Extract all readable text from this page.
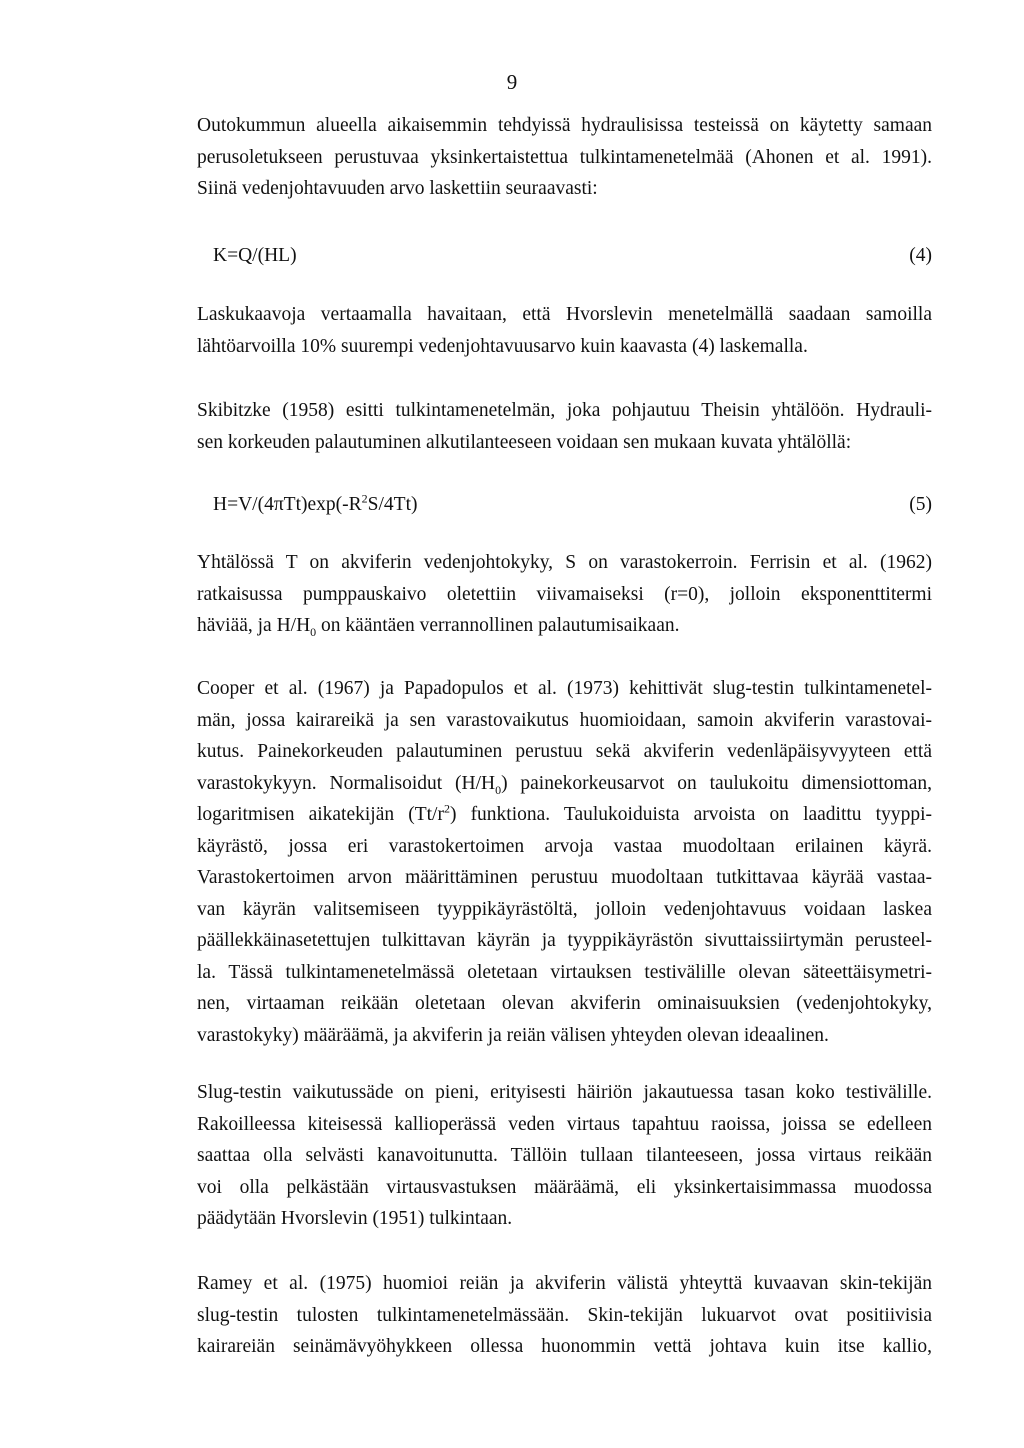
9
Outokummun alueella aikaisemmin tehdyissä hydraulisissa testeissä on käytetty samaan
perusoletukseen perustuvaa yksinkertaistettua tulkintamenetelmää (Ahonen et al. 1991).
Siinä vedenjohtavuuden arvo laskettiin seuraavasti:
K=Q/(HL)	(4)
Laskukaavoja vertaamalla havaitaan, että Hvorslevin menetelmällä saadaan samoilla
lähtöarvoilla 10% suurempi vedenjohtavuusarvo kuin kaavasta (4) laskemalla.
Skibitzke (1958) esitti tulkintamenetelmän, joka pohjautuu Theisin yhtälöön. Hydrauli-
sen korkeuden palautuminen alkutilanteeseen voidaan sen mukaan kuvata yhtälöllä:
$H=V/(4\pi Tt)\exp(-R^2S/4Tt)$	(5)
Yhtälössä T on akviferin vedenjohtokyky, S on varastokerroin. Ferrisin et al. (1962)
ratkaisussa pumppauskaivo oletettiin viivamaiseksi (r=0), jolloin eksponenttitermi
häviää, ja $H/H_0$ on kääntäen verrannollinen palautumisaikaan.
Cooper et al. (1967) ja Papadopulos et al. (1973) kehittivät slug-testin tulkintamenetel-
män, jossa kairareikä ja sen varastovaikutus huomioidaan, samoin akviferin varastovai-
kutus. Painekorkeuden palautuminen perustuu sekä akviferin vedenläpäisyvyyteen että
varastokykyyn. Normalisoidut $(H/H_0)$ painekorkeusarvot on taulukoitu dimensiottoman,
logaritmisen aikatekijän $(Tt/r^2)$ funktiona. Taulukoiduista arvoista on laadittu tyyppi-
käyrästö, jossa eri varastokertoimen arvoja vastaa muodoltaan erilainen käyrä.
Varastokertoimen arvon määrittäminen perustuu muodoltaan tutkittavaa käyrää vastaa-
van käyrän valitsemiseen tyyppikäyrästöltä, jolloin vedenjohtavuus voidaan laskea
päällekkäinasetettujen tulkittavan käyrän ja tyyppikäyrästön sivuttaissiirtymän perusteel-
la. Tässä tulkintamenetelmässä oletetaan virtauksen testivälille olevan säteettäisymetri-
nen, virtaaman reikään oletetaan olevan akviferin ominaisuuksien (vedenjohtokyky,
varastokyky) määräämä, ja akviferin ja reiän välisen yhteyden olevan ideaalinen.
Slug-testin vaikutussäde on pieni, erityisesti häiriön jakautuessa tasan koko testivälille.
Rakoilleessa kiteisessä kallioperässä veden virtaus tapahtuu raoissa, joissa se edelleen
saattaa olla selvästi kanavoitunutta. Tällöin tullaan tilanteeseen, jossa virtaus reikään
voi olla pelkästään virtausvastuksen määräämä, eli yksinkertaisimmassa muodossa
päädytään Hvorslevin (1951) tulkintaan.
Ramey et al. (1975) huomioi reiän ja akviferin välistä yhteyttä kuvaavan skin-tekijän
slug-testin tulosten tulkintamenetelmässään. Skin-tekijän lukuarvot ovat positiivisia
kairareiän seinämävyöhykkeen ollessa huonommin vettä johtava kuin itse kallio,
